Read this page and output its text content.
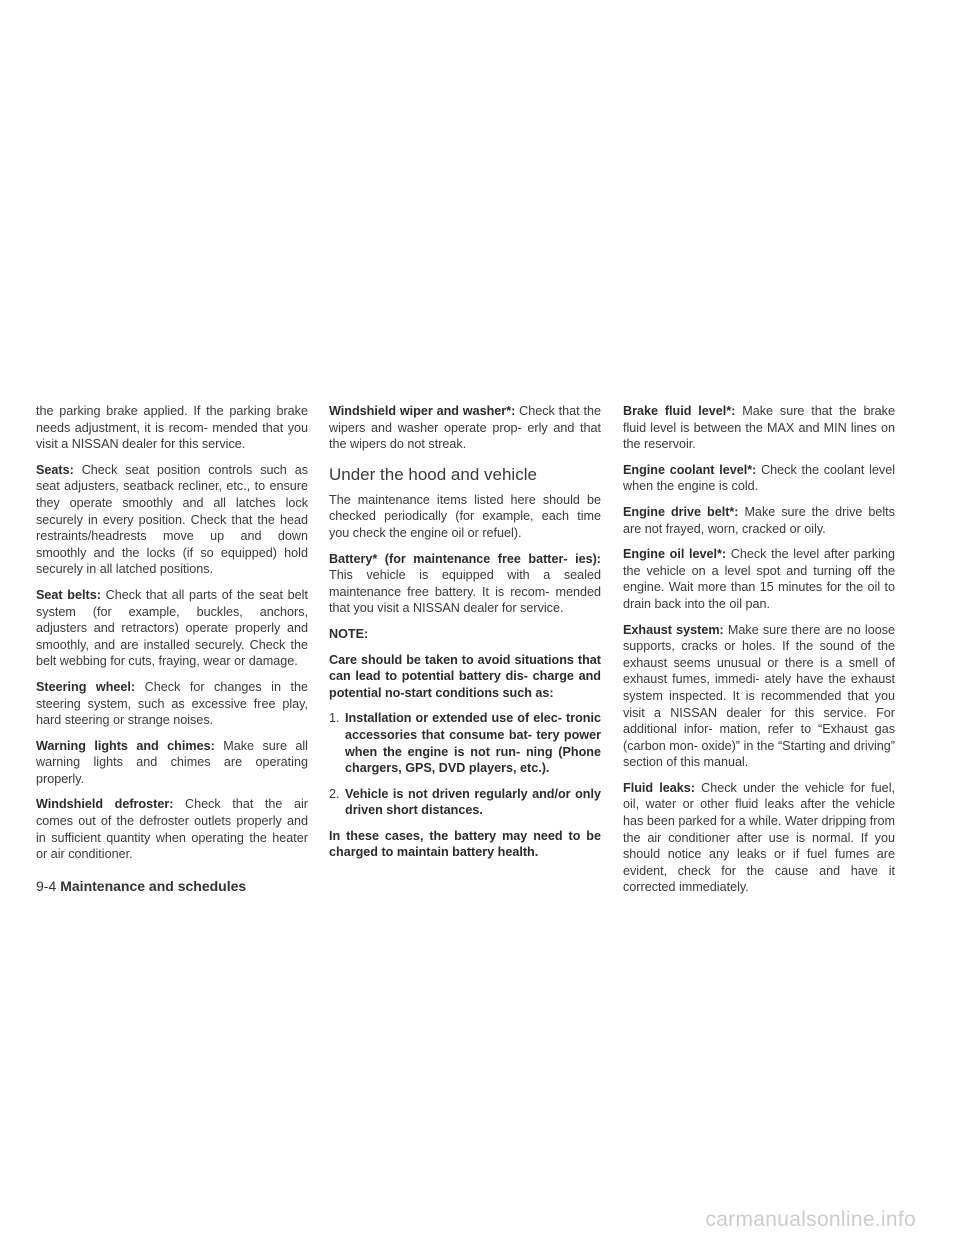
the parking brake applied. If the parking brake needs adjustment, it is recom- mended that you visit a NISSAN dealer for this service.

Seats: Check seat position controls such as seat adjusters, seatback recliner, etc., to ensure they operate smoothly and all latches lock securely in every position. Check that the head restraints/headrests move up and down smoothly and the locks (if so equipped) hold securely in all latched positions.

Seat belts: Check that all parts of the seat belt system (for example, buckles, anchors, adjusters and retractors) operate properly and smoothly, and are installed securely. Check the belt webbing for cuts, fraying, wear or damage.

Steering wheel: Check for changes in the steering system, such as excessive free play, hard steering or strange noises.

Warning lights and chimes: Make sure all warning lights and chimes are operating properly.

Windshield defroster: Check that the air comes out of the defroster outlets properly and in sufficient quantity when operating the heater or air conditioner.

Windshield wiper and washer*: Check that the wipers and washer operate prop- erly and that the wipers do not streak.

Under the hood and vehicle

The maintenance items listed here should be checked periodically (for example, each time you check the engine oil or refuel).

Battery* (for maintenance free batter- ies): This vehicle is equipped with a sealed maintenance free battery. It is recom- mended that you visit a NISSAN dealer for service.

NOTE:

Care should be taken to avoid situations that can lead to potential battery dis- charge and potential no-start conditions such as:

1. Installation or extended use of elec- tronic accessories that consume bat- tery power when the engine is not run- ning (Phone chargers, GPS, DVD players, etc.).
2. Vehicle is not driven regularly and/or only driven short distances.

In these cases, the battery may need to be charged to maintain battery health.

Brake fluid level*: Make sure that the brake fluid level is between the MAX and MIN lines on the reservoir.

Engine coolant level*: Check the coolant level when the engine is cold.

Engine drive belt*: Make sure the drive belts are not frayed, worn, cracked or oily.

Engine oil level*: Check the level after parking the vehicle on a level spot and turning off the engine. Wait more than 15 minutes for the oil to drain back into the oil pan.

Exhaust system: Make sure there are no loose supports, cracks or holes. If the sound of the exhaust seems unusual or there is a smell of exhaust fumes, immedi- ately have the exhaust system inspected. It is recommended that you visit a NISSAN dealer for this service. For additional infor- mation, refer to “Exhaust gas (carbon mon- oxide)” in the “Starting and driving” section of this manual.

Fluid leaks: Check under the vehicle for fuel, oil, water or other fluid leaks after the vehicle has been parked for a while. Water dripping from the air conditioner after use is normal. If you should notice any leaks or if fuel fumes are evident, check for the cause and have it corrected immediately.

9-4 Maintenance and schedules
carmanualsonline.info
